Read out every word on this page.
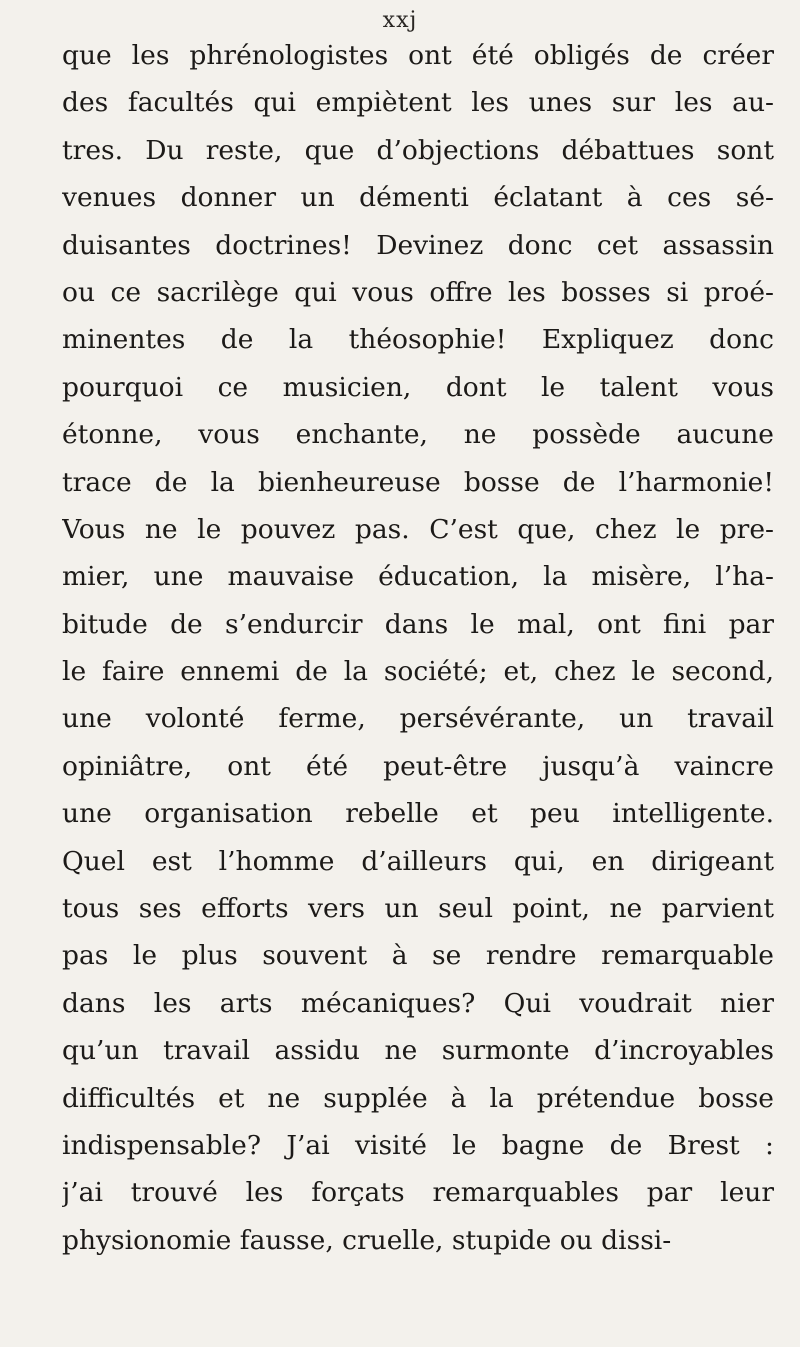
xxj
que les phrénologistes ont été obligés de créer
des facultés qui empiètent les unes sur les au-
tres. Du reste, que d’objections débattues sont
venues donner un démenti éclatant à ces sé-
duisantes doctrines! Devinez donc cet assassin
ou ce sacrilège qui vous offre les bosses si proé-
minentes de la théosophie! Expliquez donc
pourquoi ce musicien, dont le talent vous
étonne, vous enchante, ne possède aucune
trace de la bienheureuse bosse de l’harmonie!
Vous ne le pouvez pas. C’est que, chez le pre-
mier, une mauvaise éducation, la misère, l’ha-
bitude de s’endurcir dans le mal, ont fini par
le faire ennemi de la société; et, chez le second,
une volonté ferme, persévérante, un travail
opiniâtre, ont été peut-être jusqu’à vaincre
une organisation rebelle et peu intelligente.
Quel est l’homme d’ailleurs qui, en dirigeant
tous ses efforts vers un seul point, ne parvient
pas le plus souvent à se rendre remarquable
dans les arts mécaniques? Qui voudrait nier
qu’un travail assidu ne surmonte d’incroyables
difficultés et ne supplée à la prétendue bosse
indispensable? J’ai visité le bagne de Brest :
j’ai trouvé les forçats remarquables par leur
physionomie fausse, cruelle, stupide ou dissi-
